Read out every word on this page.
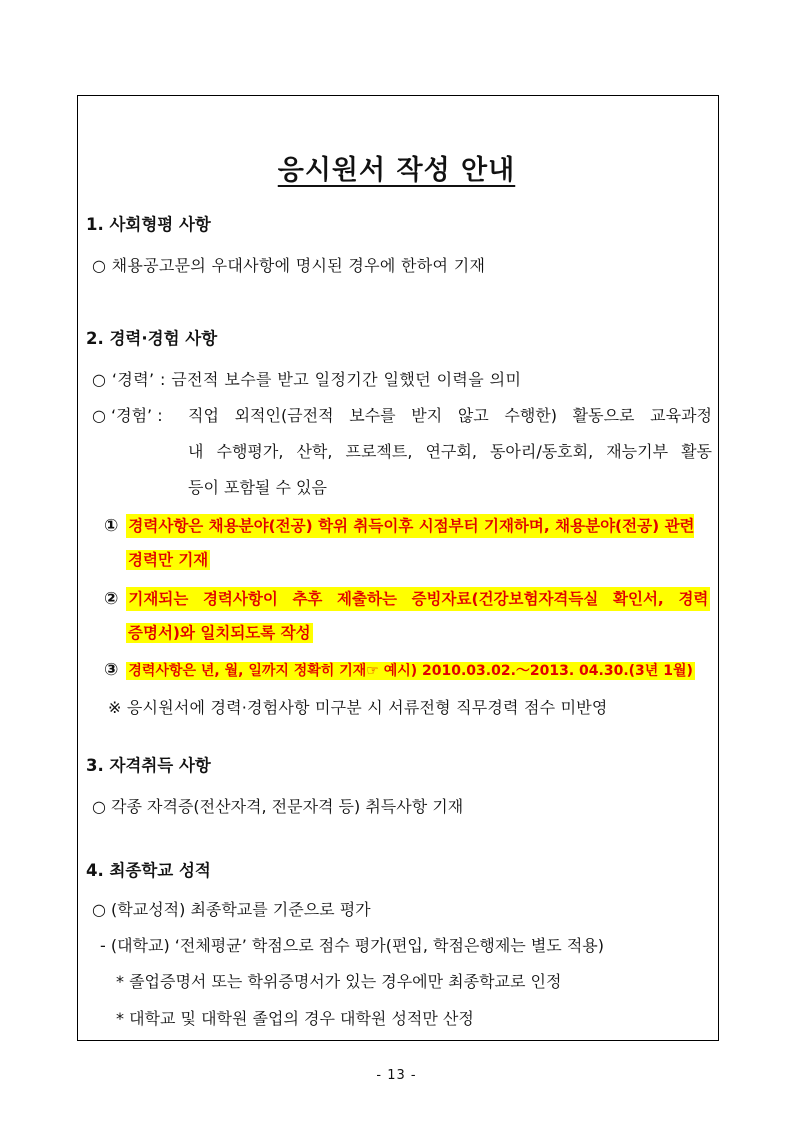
응시원서 작성 안내
1. 사회형평 사항
○ 채용공고문의 우대사항에 명시된 경우에 한하여 기재
2. 경력·경험 사항
○ ‘경력’ : 금전적 보수를 받고 일정기간 일했던 이력을 의미
○ ‘경험’ : 직업 외적인(금전적 보수를 받지 않고 수행한) 활동으로 교육과정
내 수행평가, 산학, 프로젝트, 연구회, 동아리/동호회, 재능기부 활동
등이 포함될 수 있음
① 경력사항은 채용분야(전공) 학위 취득이후 시점부터 기재하며, 채용분야(전공) 관련
경력만 기재
② 기재되는 경력사항이 추후 제출하는 증빙자료(건강보험자격득실 확인서, 경력
증명서)와 일치되도록 작성
③ 경력사항은 년, 월, 일까지 정확히 기재☞ 예시) 2010.03.02.～2013. 04.30.(3년 1월)
※ 응시원서에 경력·경험사항 미구분 시 서류전형 직무경력 점수 미반영
3. 자격취득 사항
○ 각종 자격증(전산자격, 전문자격 등) 취득사항 기재
4. 최종학교 성적
○ (학교성적) 최종학교를 기준으로 평가
- (대학교) ‘전체평균’ 학점으로 점수 평가(편입, 학점은행제는 별도 적용)
* 졸업증명서 또는 학위증명서가 있는 경우에만 최종학교로 인정
* 대학교 및 대학원 졸업의 경우 대학원 성적만 산정
- 13 -
